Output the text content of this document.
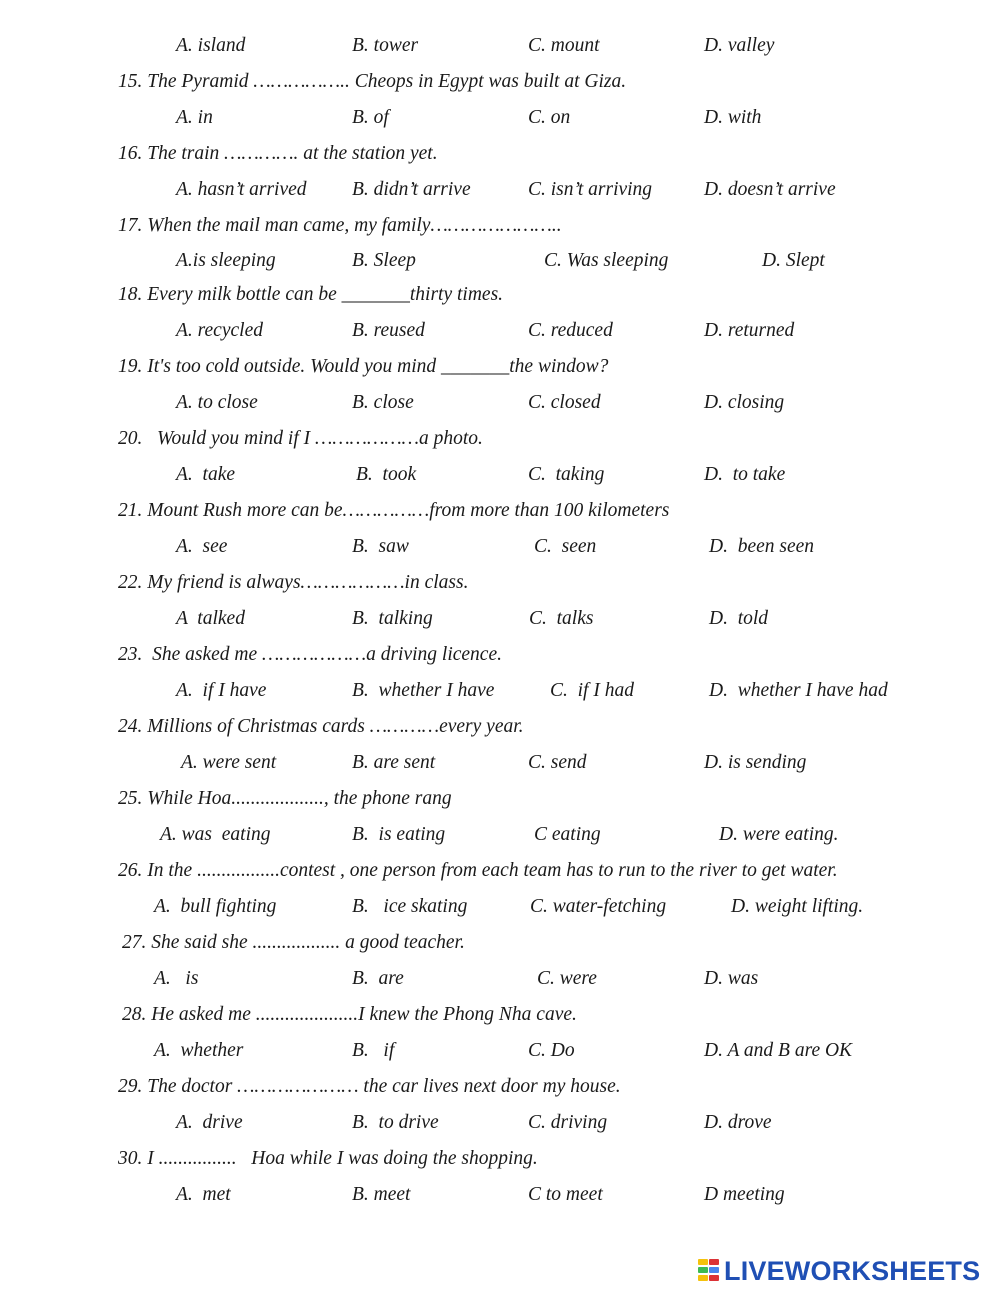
A. island	B. tower	C. mount	D. valley
15. The Pyramid …………….. Cheops in Egypt was built at Giza.
A. in	B. of	C. on	D. with
16. The train …………. at the station yet.
A. hasn’t arrived B. didn’t arrive	C. isn’t arriving	D. doesn’t arrive
17. When the mail man came, my family…………………..
A.is sleeping	B. Sleep	C. Was sleeping	D. Slept
18. Every milk bottle can be _______thirty times.
A. recycled	B. reused	C. reduced	D. returned
19. It's too cold outside. Would you mind _______the window?
A. to close	B. close	C. closed	D. closing
20.   Would you mind if I ………………a photo.
A.  take	B.  took	C.  taking	D.  to take
21. Mount Rush more can be……………from more than 100 kilometers
A.  see	B.  saw	C.  seen	D.  been seen
22. My friend is always………………in class.
A  talked	B.  talking	C.  talks	D.  told
23.  She asked me ………………a driving licence.
A.  if I have	B.  whether I have	C.  if I had	D.  whether I have had
24. Millions of Christmas cards …………every year.
A. were sent	B. are sent	C. send	D. is sending
25. While Hoa..................., the phone rang
A. was  eating	B.  is eating	C eating	D. were eating.
26. In the .................contest , one person from each team has to run to the river to get water.
A.  bull fighting	B.   ice skating	C. water-fetching	D. weight lifting.
27. She said she .................. a good teacher.
A.   is	B.  are	C. were	D. was
28. He asked me .....................I knew the Phong Nha cave.
A.  whether	B.   if	C. Do	D. A and B are OK
29. The doctor ………………… the car lives next door my house.
A.  drive	B.  to drive	C. driving	D. drove
30. I ................   Hoa while I was doing the shopping.
A.  met	B. meet	C to meet	D meeting
LIVEWORKSHEETS
